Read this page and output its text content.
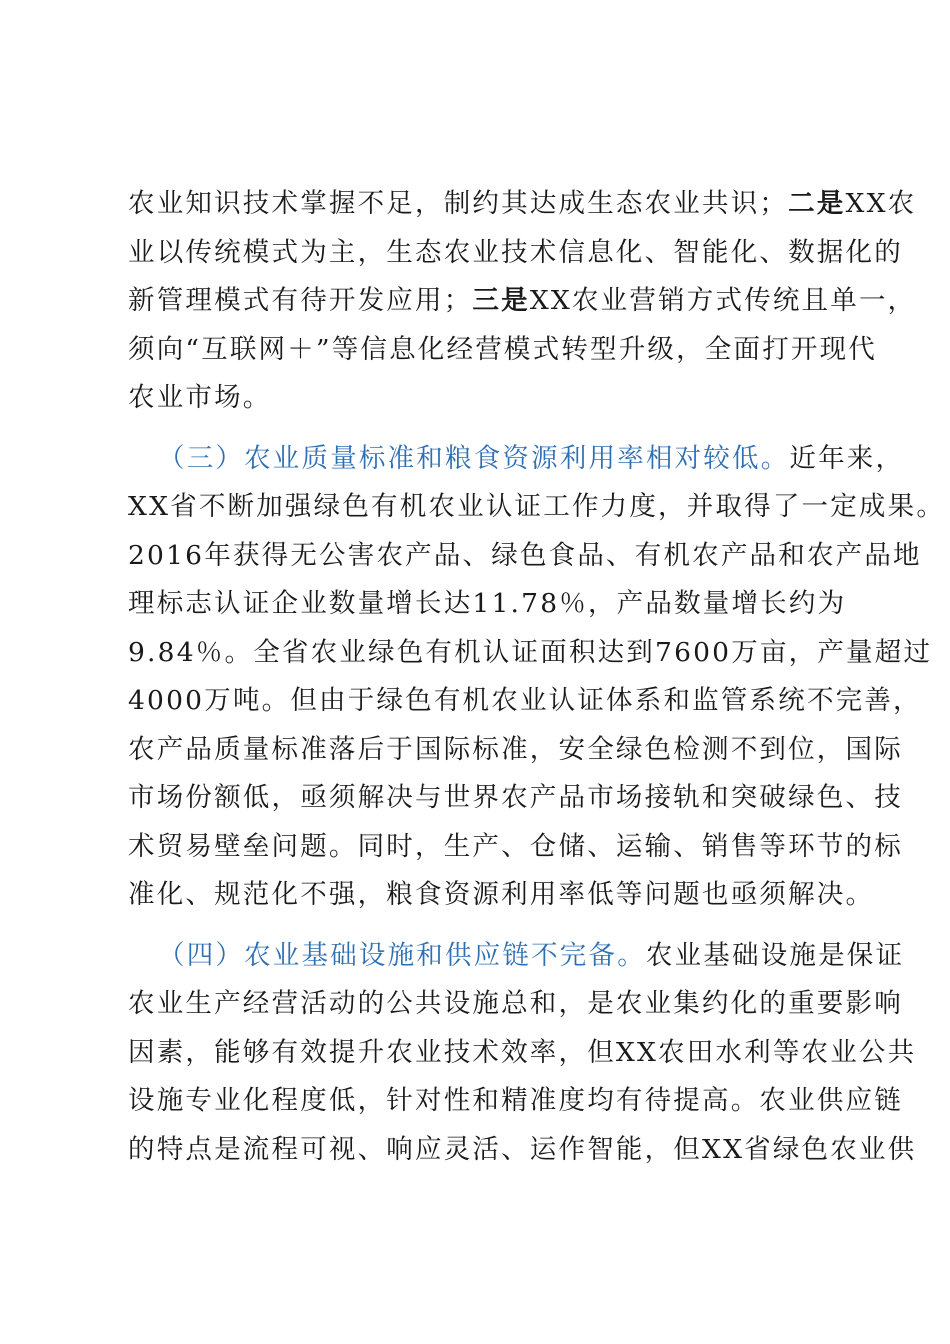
农业知识技术掌握不足，制约其达成生态农业共识；二是XX农
业以传统模式为主，生态农业技术信息化、智能化、数据化的
新管理模式有待开发应用；三是XX农业营销方式传统且单一，
须向“互联网＋”等信息化经营模式转型升级，全面打开现代
农业市场。
（三）农业质量标准和粮食资源利用率相对较低。近年来，
XX省不断加强绿色有机农业认证工作力度，并取得了一定成果。
2016年获得无公害农产品、绿色食品、有机农产品和农产品地
理标志认证企业数量增长达11.78％，产品数量增长约为
9.84％。全省农业绿色有机认证面积达到7600万亩，产量超过
4000万吨。但由于绿色有机农业认证体系和监管系统不完善，
农产品质量标准落后于国际标准，安全绿色检测不到位，国际
市场份额低，亟须解决与世界农产品市场接轨和突破绿色、技
术贸易壁垒问题。同时，生产、仓储、运输、销售等环节的标
准化、规范化不强，粮食资源利用率低等问题也亟须解决。
（四）农业基础设施和供应链不完备。农业基础设施是保证
农业生产经营活动的公共设施总和，是农业集约化的重要影响
因素，能够有效提升农业技术效率，但XX农田水利等农业公共
设施专业化程度低，针对性和精准度均有待提高。农业供应链
的特点是流程可视、响应灵活、运作智能，但XX省绿色农业供
